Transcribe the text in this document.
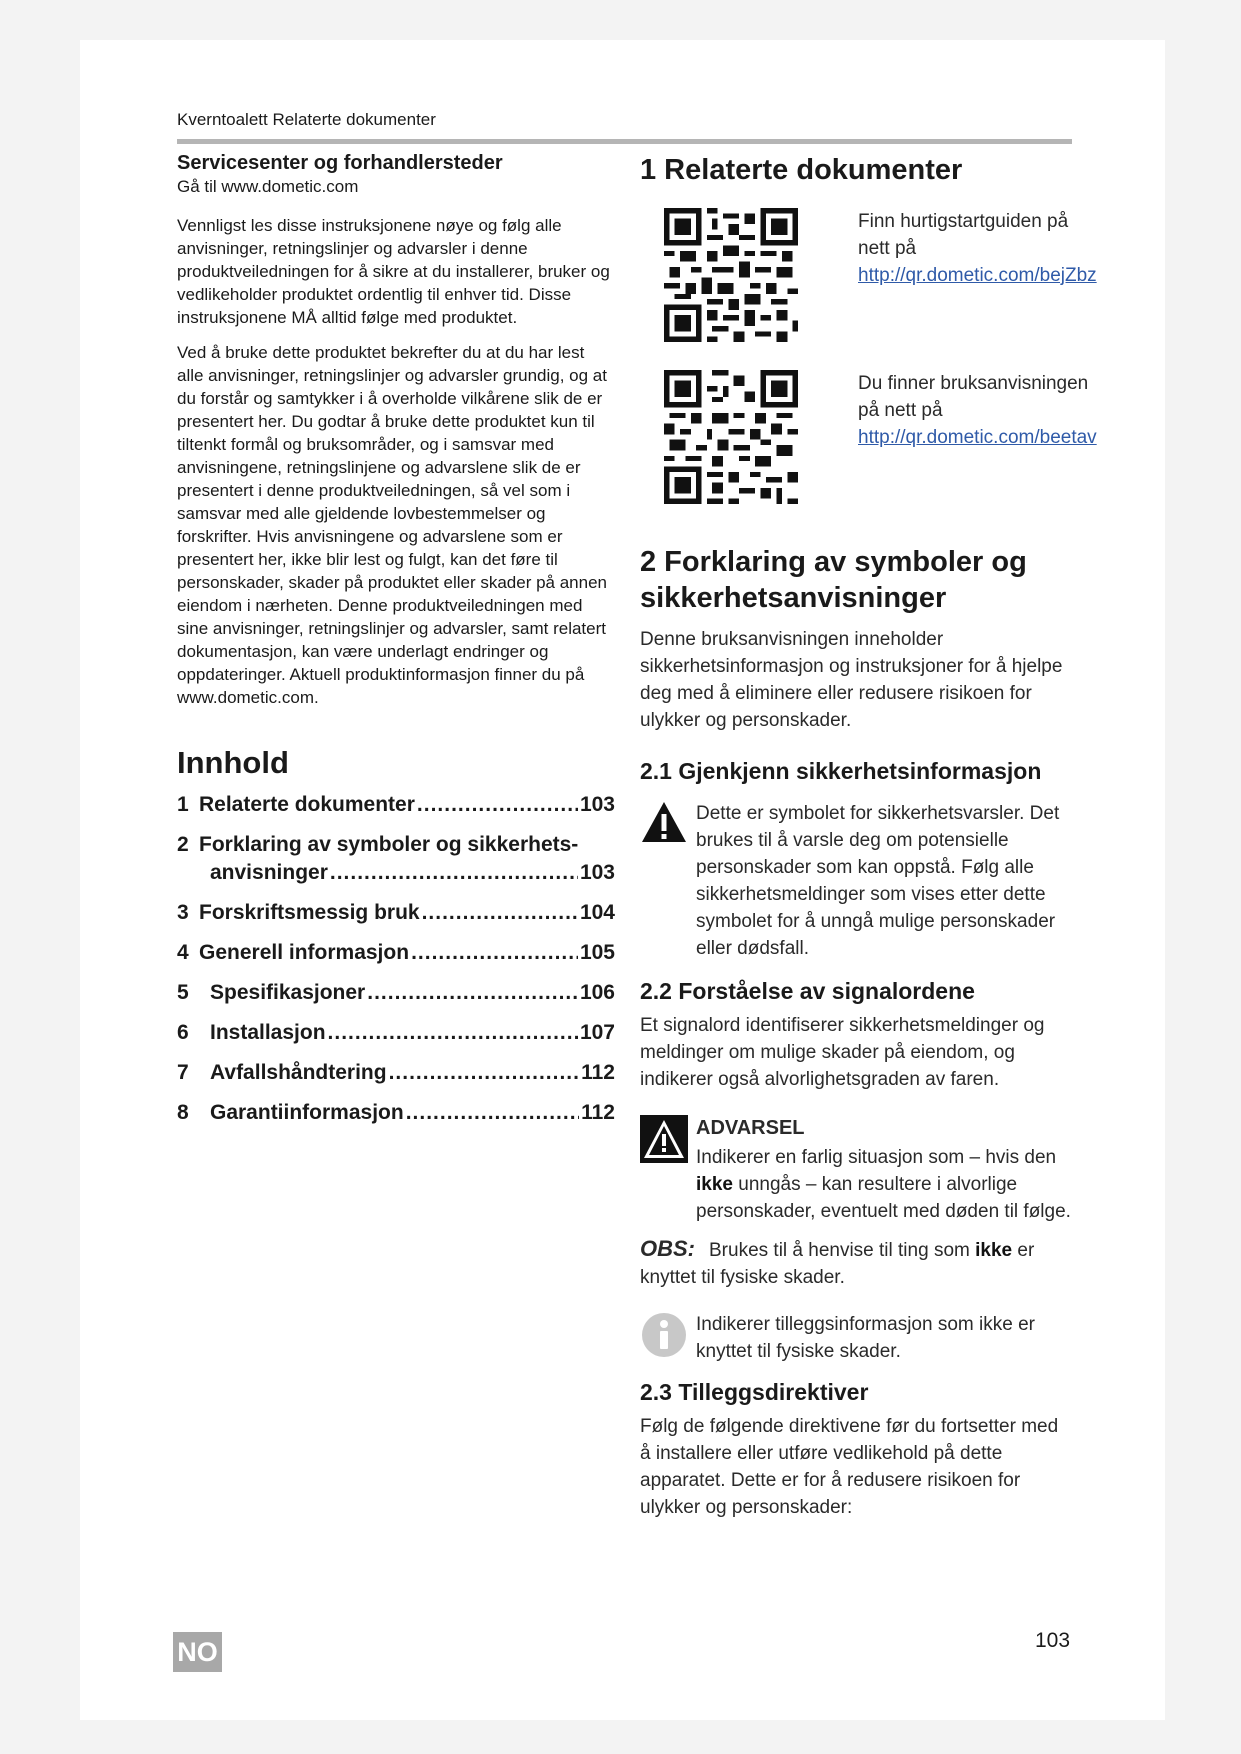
Kverntoalett Relaterte dokumenter
Servicesenter og forhandlersteder

Gå til www.dometic.com

Vennligst les disse instruksjonene nøye og følg alle anvisninger, retningslinjer og advarsler i denne produktveiledningen for å sikre at du installerer, bruker og vedlikeholder produktet ordentlig til enhver tid. Disse instruksjonene MÅ alltid følge med produktet.

Ved å bruke dette produktet bekrefter du at du har lest alle anvisninger, retningslinjer og advarsler grundig, og at du forstår og samtykker i å overholde vilkårene slik de er presentert her. Du godtar å bruke dette produktet kun til tiltenkt formål og bruksområder, og i samsvar med anvisningene, retningslinjene og advarslene slik de er presentert i denne produktveiledningen, så vel som i samsvar med alle gjeldende lovbestemmelser og forskrifter. Hvis anvisningene og advarslene som er presentert her, ikke blir lest og fulgt, kan det føre til personskader, skader på produktet eller skader på annen eiendom i nærheten. Denne produktveiledningen med sine anvisninger, retningslinjer og advarsler, samt relatert dokumentasjon, kan være underlagt endringer og oppdateringer. Aktuell produktinformasjon finner du på www.dometic.com.

Innhold
1 Relaterte dokumenter .....	103
2 Forklaring av symboler og sikkerhets-
anvisninger .....	103
3 Forskriftsmessig bruk .....	104
4 Generell informasjon .....	105
5	Spesifikasjoner .....	106
6	Installasjon .....	107
7	Avfallshåndtering .....	112
8	Garantiinformasjon .....	112
1 Relaterte dokumenter
Finn hurtigstartguiden på nett på
http://qr.dometic.com/bejZbz
Du finner bruksanvisningen på nett på
http://qr.dometic.com/beetav
2 Forklaring av symboler og sikkerhetsanvisninger

Denne bruksanvisningen inneholder sikkerhetsinformasjon og instruksjoner for å hjelpe deg med å eliminere eller redusere risikoen for ulykker og personskader.

2.1 Gjenkjenn sikkerhetsinformasjon
Dette er symbolet for sikkerhetsvarsler. Det brukes til å varsle deg om potensielle personskader som kan oppstå. Følg alle sikkerhetsmeldinger som vises etter dette symbolet for å unngå mulige personskader eller dødsfall.
2.2 Forståelse av signalordene

Et signalord identifiserer sikkerhetsmeldinger og meldinger om mulige skader på eiendom, og indikerer også alvorlighetsgraden av faren.

ADVARSEL
Indikerer en farlig situasjon som – hvis den ikke unngås – kan resultere i alvorlige personskader, eventuelt med døden til følge.
OBS: Brukes til å henvise til ting som ikke er knyttet til fysiske skader.
Indikerer tilleggsinformasjon som ikke er knyttet til fysiske skader.
2.3 Tilleggsdirektiver

Følg de følgende direktivene før du fortsetter med å installere eller utføre vedlikehold på dette apparatet. Dette er for å redusere risikoen for ulykker og personskader:

NO	103
